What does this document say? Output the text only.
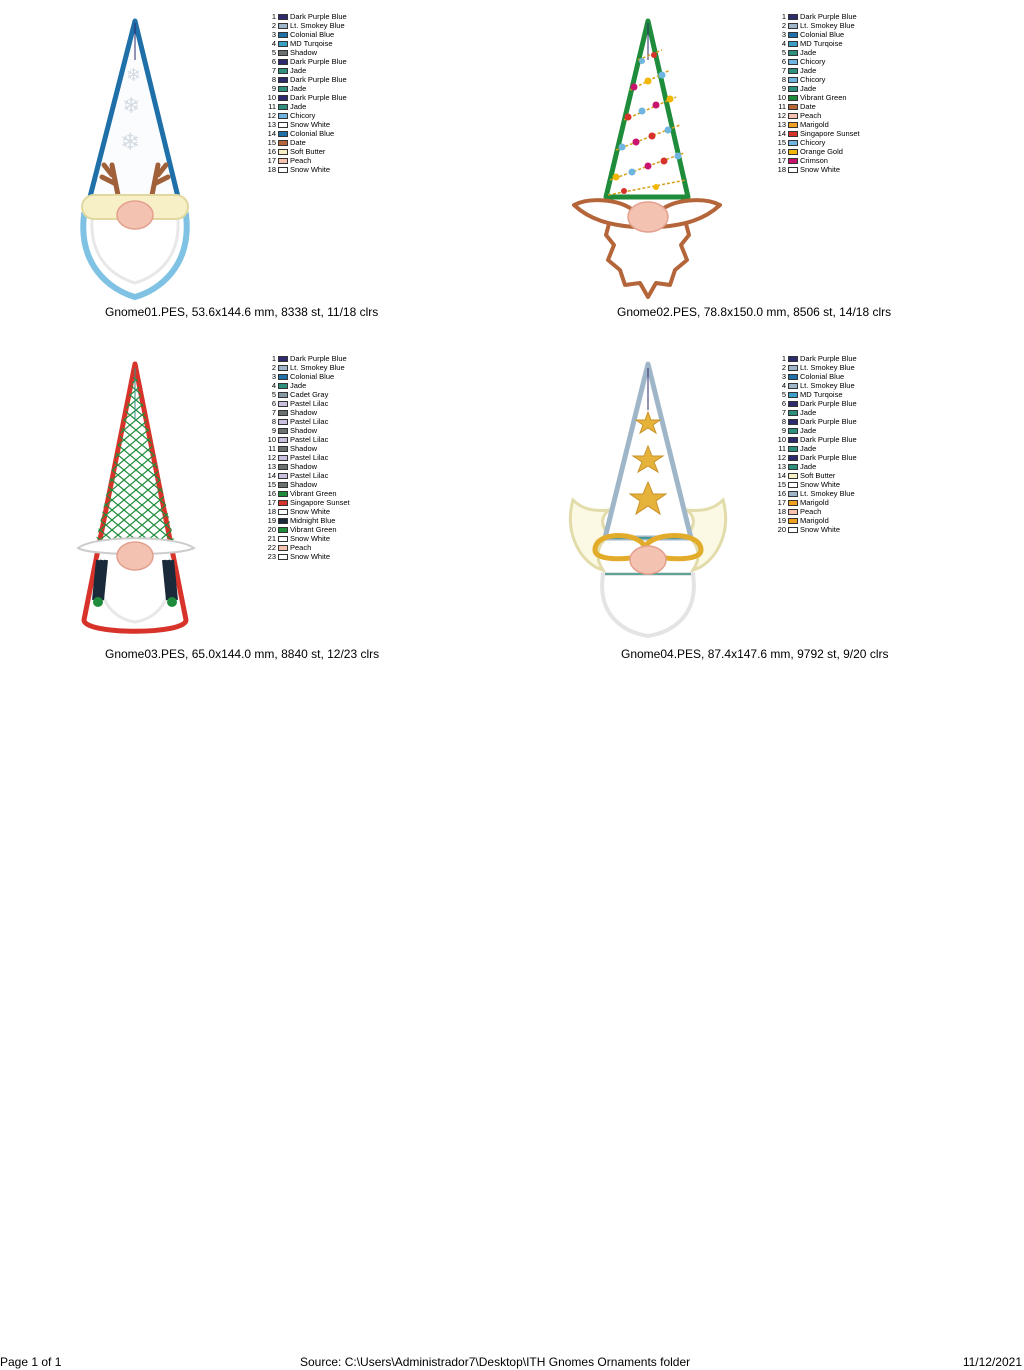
❄
❄
❄
1 Dark Purple Blue
2 Lt. Smokey Blue
3 Colonial Blue
4 MD Turqoise
5 Shadow
6 Dark Purple Blue
7 Jade
8 Dark Purple Blue
9 Jade
10 Dark Purple Blue
11 Jade
12 Chicory
13 Snow White
14 Colonial Blue
15 Date
16 Soft Butter
17 Peach
18 Snow White
Gnome01.PES, 53.6x144.6 mm, 8338 st, 11/18 clrs
1 Dark Purple Blue
2 Lt. Smokey Blue
3 Colonial Blue
4 MD Turqoise
5 Jade
6 Chicory
7 Jade
8 Chicory
9 Jade
10 Vibrant Green
11 Date
12 Peach
13 Marigold
14 Singapore Sunset
15 Chicory
16 Orange Gold
17 Crimson
18 Snow White
Gnome02.PES, 78.8x150.0 mm, 8506 st, 14/18 clrs
1 Dark Purple Blue
2 Lt. Smokey Blue
3 Colonial Blue
4 Jade
5 Cadet Gray
6 Pastel Lilac
7 Shadow
8 Pastel Lilac
9 Shadow
10 Pastel Lilac
11 Shadow
12 Pastel Lilac
13 Shadow
14 Pastel Lilac
15 Shadow
16 Vibrant Green
17 Singapore Sunset
18 Snow White
19 Midnight Blue
20 Vibrant Green
21 Snow White
22 Peach
23 Snow White
Gnome03.PES, 65.0x144.0 mm, 8840 st, 12/23 clrs
1 Dark Purple Blue
2 Lt. Smokey Blue
3 Colonial Blue
4 Lt. Smokey Blue
5 MD Turqoise
6 Dark Purple Blue
7 Jade
8 Dark Purple Blue
9 Jade
10 Dark Purple Blue
11 Jade
12 Dark Purple Blue
13 Jade
14 Soft Butter
15 Snow White
16 Lt. Smokey Blue
17 Marigold
18 Peach
19 Marigold
20 Snow White
Gnome04.PES, 87.4x147.6 mm, 9792 st, 9/20 clrs
Page 1 of 1	Source: C:\Users\Administrador7\Desktop\ITH Gnomes Ornaments folder	11/12/2021
